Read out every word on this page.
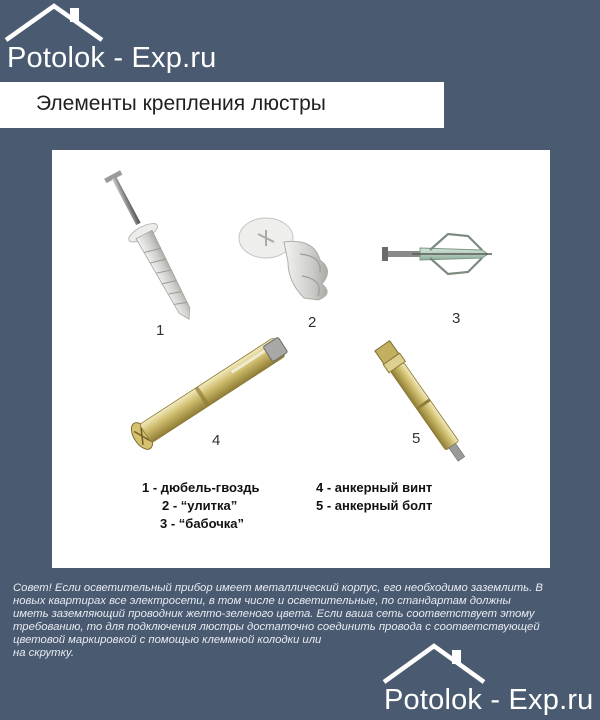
Potolok - Exp.ru
Элементы крепления люстры
1	2	3
4	5
1 - дюбель-гвоздь
2 - “улитка”
3 - “бабочка”
4 - анкерный винт
5 - анкерный болт
Совет! Если осветительный прибор имеет металлический корпус, его необходимо заземлить. В
новых квартирах все электросети, в том числе и осветительные, по стандартам должны
иметь заземляющий проводник желто-зеленого цвета. Если ваша сеть соответствует этому
требованию, то для подключения люстры достаточно соединить провода с соответствующей
цветовой маркировкой с помощью клеммной колодки или
на скрутку.
Potolok - Exp.ru
